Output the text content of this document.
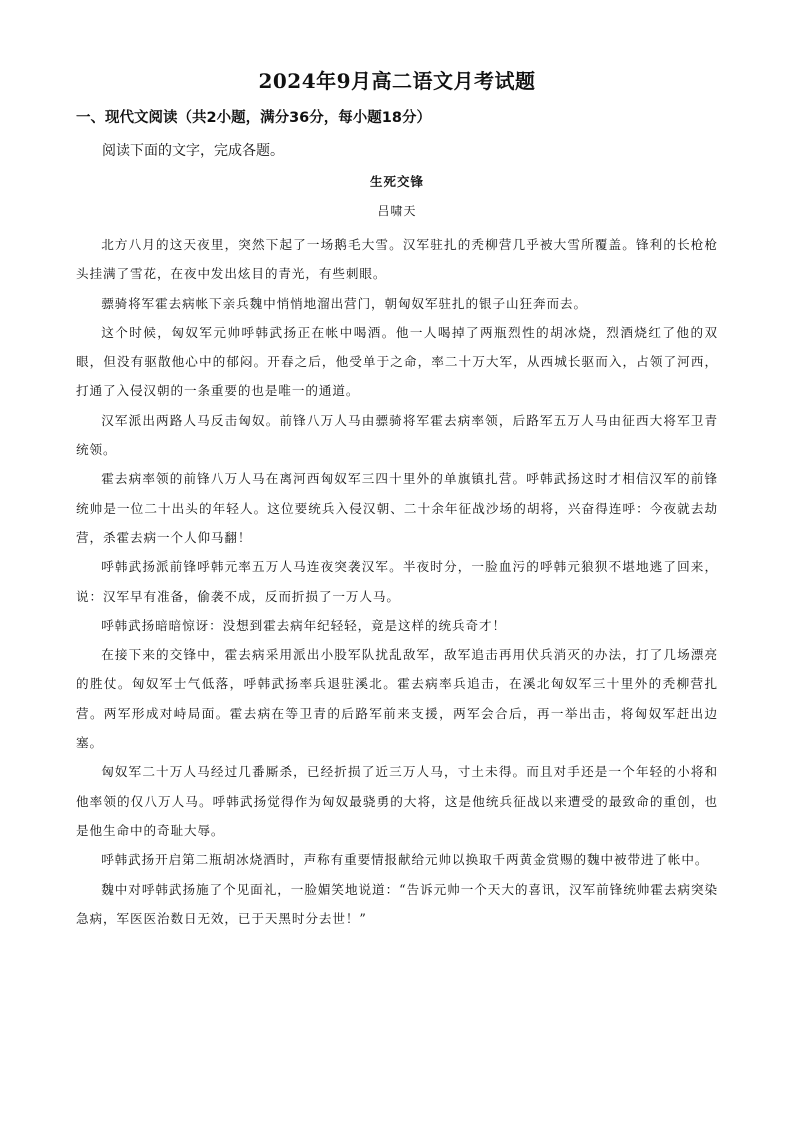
2024年9月高二语文月考试题
一、现代文阅读（共2小题，满分36分，每小题18分）
阅读下面的文字，完成各题。
生死交锋
吕啸天

北方八月的这天夜里，突然下起了一场鹅毛大雪。汉军驻扎的秃柳营几乎被大雪所覆盖。锋利的长枪枪头挂满了雪花，在夜中发出炫目的青光，有些刺眼。

骠骑将军霍去病帐下亲兵魏中悄悄地溜出营门，朝匈奴军驻扎的银子山狂奔而去。

这个时候，匈奴军元帅呼韩武扬正在帐中喝酒。他一人喝掉了两瓶烈性的胡冰烧，烈酒烧红了他的双眼，但没有驱散他心中的郁闷。开春之后，他受单于之命，率二十万大军，从西城长驱而入，占领了河西，打通了入侵汉朝的一条重要的也是唯一的通道。

汉军派出两路人马反击匈奴。前锋八万人马由骠骑将军霍去病率领，后路军五万人马由征西大将军卫青统领。

霍去病率领的前锋八万人马在离河西匈奴军三四十里外的单旗镇扎营。呼韩武扬这时才相信汉军的前锋统帅是一位二十出头的年轻人。这位要统兵入侵汉朝、二十余年征战沙场的胡将，兴奋得连呼：今夜就去劫营，杀霍去病一个人仰马翻！

呼韩武扬派前锋呼韩元率五万人马连夜突袭汉军。半夜时分，一脸血污的呼韩元狼狈不堪地逃了回来，说：汉军早有准备，偷袭不成，反而折损了一万人马。

呼韩武扬暗暗惊讶：没想到霍去病年纪轻轻，竟是这样的统兵奇才！

在接下来的交锋中，霍去病采用派出小股军队扰乱敌军，敌军追击再用伏兵消灭的办法，打了几场漂亮的胜仗。匈奴军士气低落，呼韩武扬率兵退驻溪北。霍去病率兵追击，在溪北匈奴军三十里外的秃柳营扎营。两军形成对峙局面。霍去病在等卫青的后路军前来支援，两军会合后，再一举出击，将匈奴军赶出边塞。

匈奴军二十万人马经过几番厮杀，已经折损了近三万人马，寸土未得。而且对手还是一个年轻的小将和他率领的仅八万人马。呼韩武扬觉得作为匈奴最骁勇的大将，这是他统兵征战以来遭受的最致命的重创，也是他生命中的奇耻大辱。

呼韩武扬开启第二瓶胡冰烧酒时，声称有重要情报献给元帅以换取千两黄金赏赐的魏中被带进了帐中。

魏中对呼韩武扬施了个见面礼，一脸媚笑地说道：“告诉元帅一个天大的喜讯，汉军前锋统帅霍去病突染急病，军医医治数日无效，已于天黑时分去世！”
